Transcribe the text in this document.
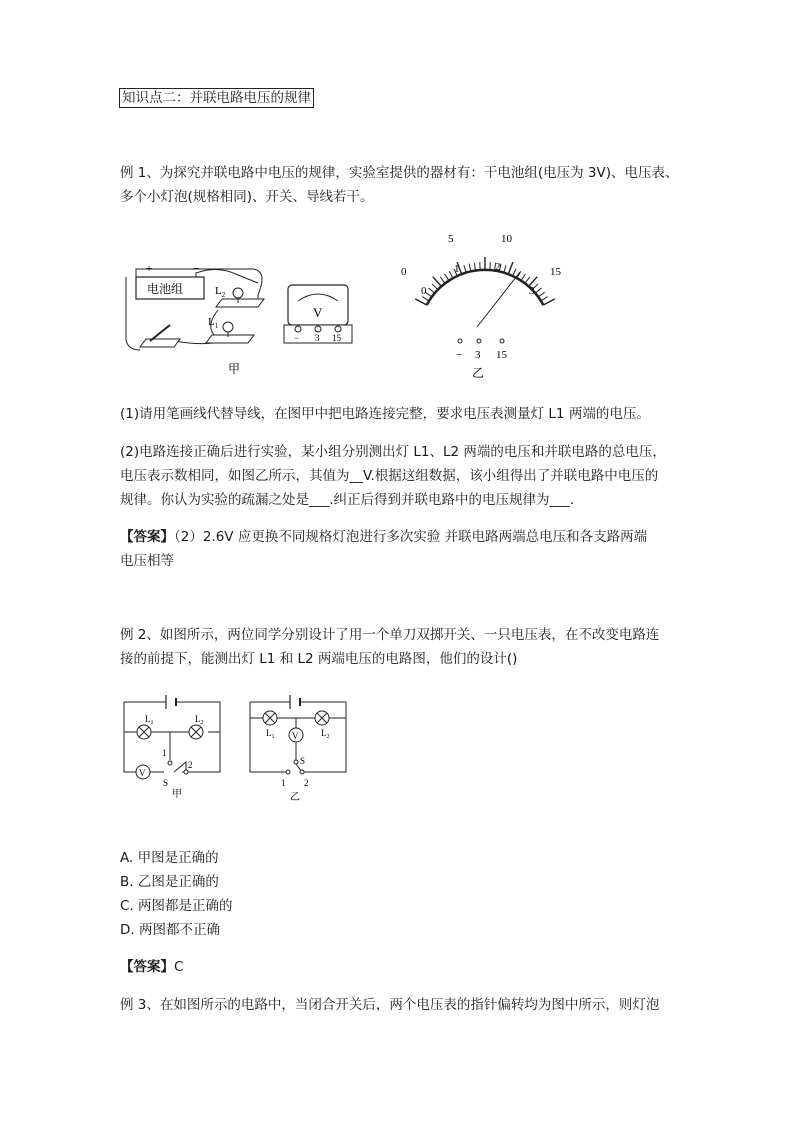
知识点二：并联电路电压的规律
例 1、为探究并联电路中电压的规律，实验室提供的器材有：干电池组(电压为 3V)、电压表、
多个小灯泡(规格相同)、开关、导线若干。
电池组
+	−
$L_2$
$L_1$
V
− 3 15
甲
0
5	10
15
0
1	2
3
− 3 15
乙
(1)请用笔画线代替导线，在图甲中把电路连接完整，要求电压表测量灯 L1 两端的电压。
(2)电路连接正确后进行实验，某小组分别测出灯 L1、L2 两端的电压和并联电路的总电压，
电压表示数相同，如图乙所示，其值为__V.根据这组数据，该小组得出了并联电路中电压的
规律。你认为实验的疏漏之处是___.纠正后得到并联电路中的电压规律为___.
【答案】（2）2.6V 应更换不同规格灯泡进行多次实验 并联电路两端总电压和各支路两端
电压相等
例 2、如图所示，两位同学分别设计了用一个单刀双掷开关、一只电压表，在不改变电路连
接的前提下，能测出灯 L1 和 L2 两端电压的电路图，他们的设计()
$L_1$	$L_2$
V
1
2
S
甲
$L_1$	$L_2$
V
S
1 2
乙
A. 甲图是正确的
B. 乙图是正确的
C. 两图都是正确的
D. 两图都不正确
【答案】C
例 3、在如图所示的电路中，当闭合开关后，两个电压表的指针偏转均为图中所示，则灯泡
